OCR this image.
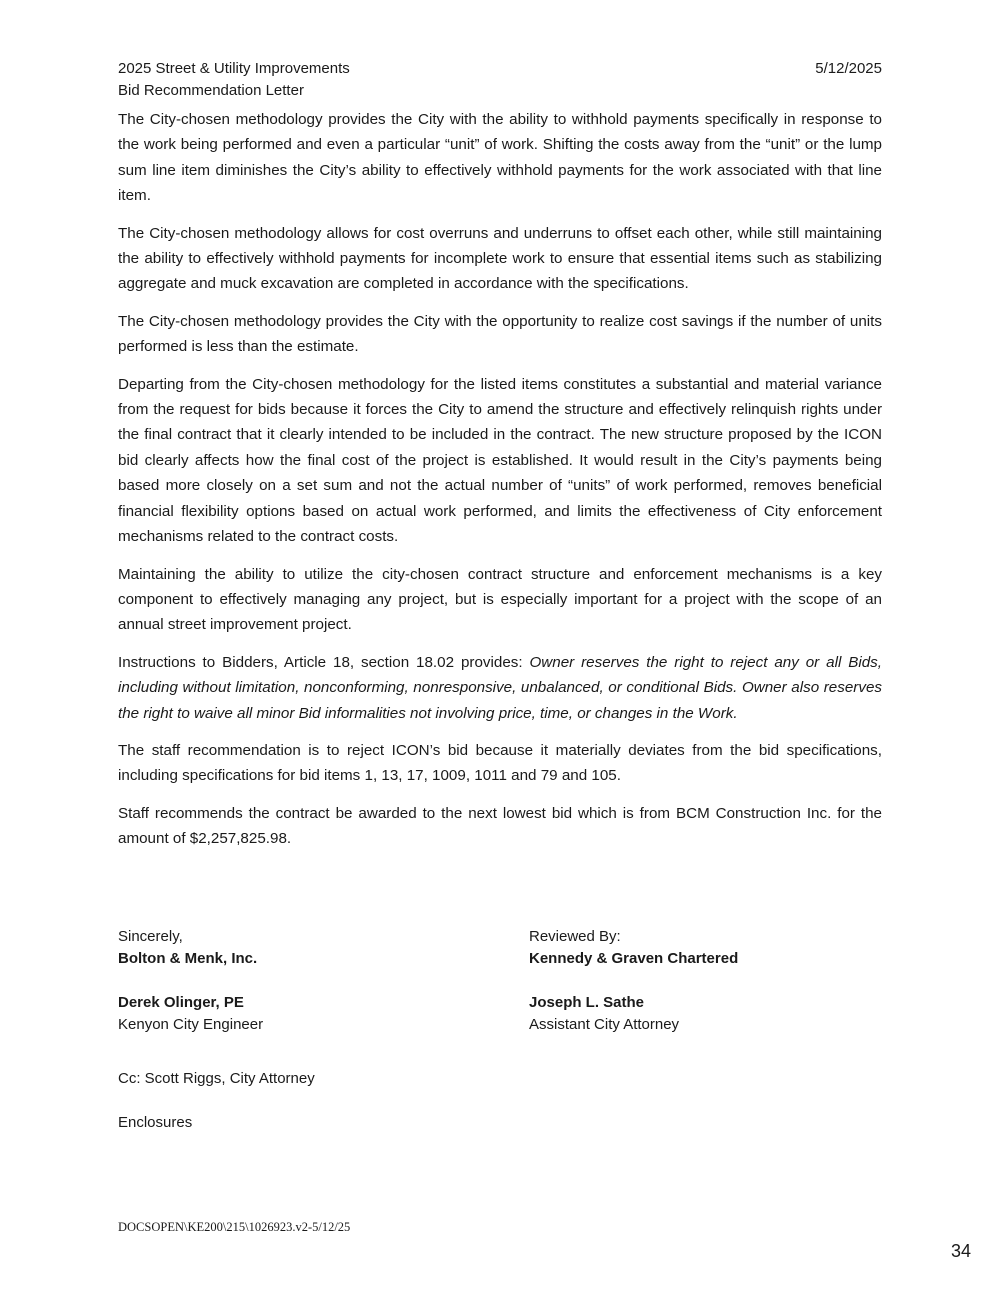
2025 Street & Utility Improvements
Bid Recommendation Letter
5/12/2025

The City-chosen methodology provides the City with the ability to withhold payments specifically in response to the work being performed and even a particular “unit” of work. Shifting the costs away from the “unit” or the lump sum line item diminishes the City’s ability to effectively withhold payments for the work associated with that line item.

The City-chosen methodology allows for cost overruns and underruns to offset each other, while still maintaining the ability to effectively withhold payments for incomplete work to ensure that essential items such as stabilizing aggregate and muck excavation are completed in accordance with the specifications.

The City-chosen methodology provides the City with the opportunity to realize cost savings if the number of units performed is less than the estimate.

Departing from the City-chosen methodology for the listed items constitutes a substantial and material variance from the request for bids because it forces the City to amend the structure and effectively relinquish rights under the final contract that it clearly intended to be included in the contract. The new structure proposed by the ICON bid clearly affects how the final cost of the project is established. It would result in the City’s payments being based more closely on a set sum and not the actual number of “units” of work performed, removes beneficial financial flexibility options based on actual work performed, and limits the effectiveness of City enforcement mechanisms related to the contract costs.

Maintaining the ability to utilize the city-chosen contract structure and enforcement mechanisms is a key component to effectively managing any project, but is especially important for a project with the scope of an annual street improvement project.

Instructions to Bidders, Article 18, section 18.02 provides: Owner reserves the right to reject any or all Bids, including without limitation, nonconforming, nonresponsive, unbalanced, or conditional Bids. Owner also reserves the right to waive all minor Bid informalities not involving price, time, or changes in the Work.

The staff recommendation is to reject ICON’s bid because it materially deviates from the bid specifications, including specifications for bid items 1, 13, 17, 1009, 1011 and 79 and 105.

Staff recommends the contract be awarded to the next lowest bid which is from BCM Construction Inc. for the amount of $2,257,825.98.

Sincerely,
Bolton & Menk, Inc.
Derek Olinger, PE
Kenyon City Engineer
Reviewed By:
Kennedy & Graven Chartered
Joseph L. Sathe
Assistant City Attorney
Cc: Scott Riggs, City Attorney
Enclosures
DOCSOPEN\KE200\215\1026923.v2-5/12/25
34
